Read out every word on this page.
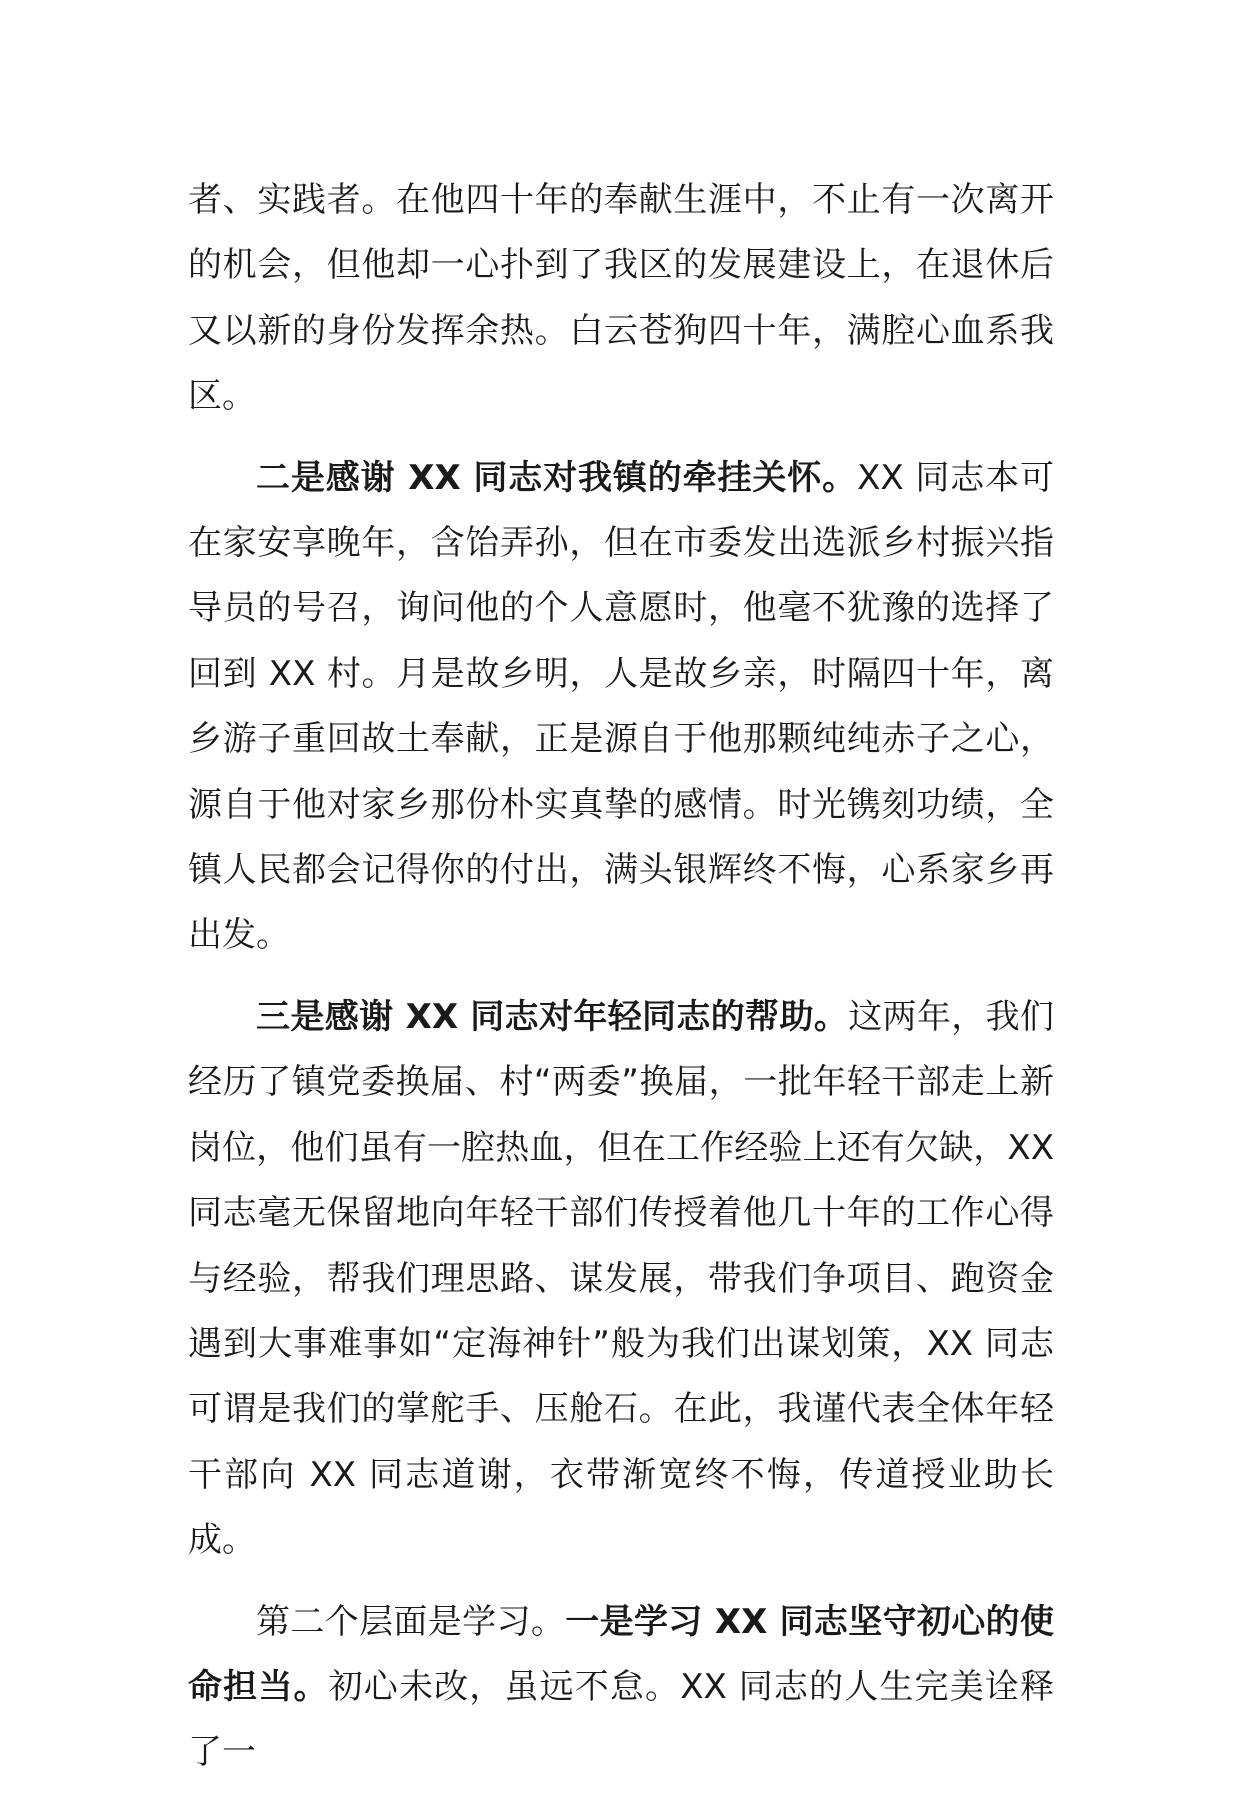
者、实践者。在他四十年的奉献生涯中，不止有一次离开的机会，但他却一心扑到了我区的发展建设上，在退休后又以新的身份发挥余热。白云苍狗四十年，满腔心血系我区。

二是感谢 XX 同志对我镇的牵挂关怀。XX 同志本可在家安享晚年，含饴弄孙，但在市委发出选派乡村振兴指导员的号召，询问他的个人意愿时，他毫不犹豫的选择了回到 XX 村。月是故乡明，人是故乡亲，时隔四十年，离乡游子重回故土奉献，正是源自于他那颗纯纯赤子之心，源自于他对家乡那份朴实真挚的感情。时光镌刻功绩，全镇人民都会记得你的付出，满头银辉终不悔，心系家乡再出发。

三是感谢 XX 同志对年轻同志的帮助。这两年，我们经历了镇党委换届、村“两委”换届，一批年轻干部走上新岗位，他们虽有一腔热血，但在工作经验上还有欠缺，XX 同志毫无保留地向年轻干部们传授着他几十年的工作心得与经验，帮我们理思路、谋发展，带我们争项目、跑资金遇到大事难事如“定海神针”般为我们出谋划策，XX 同志可谓是我们的掌舵手、压舱石。在此，我谨代表全体年轻干部向 XX 同志道谢，衣带渐宽终不悔，传道授业助长成。

第二个层面是学习。一是学习 XX 同志坚守初心的使命担当。初心未改，虽远不怠。XX 同志的人生完美诠释了一
